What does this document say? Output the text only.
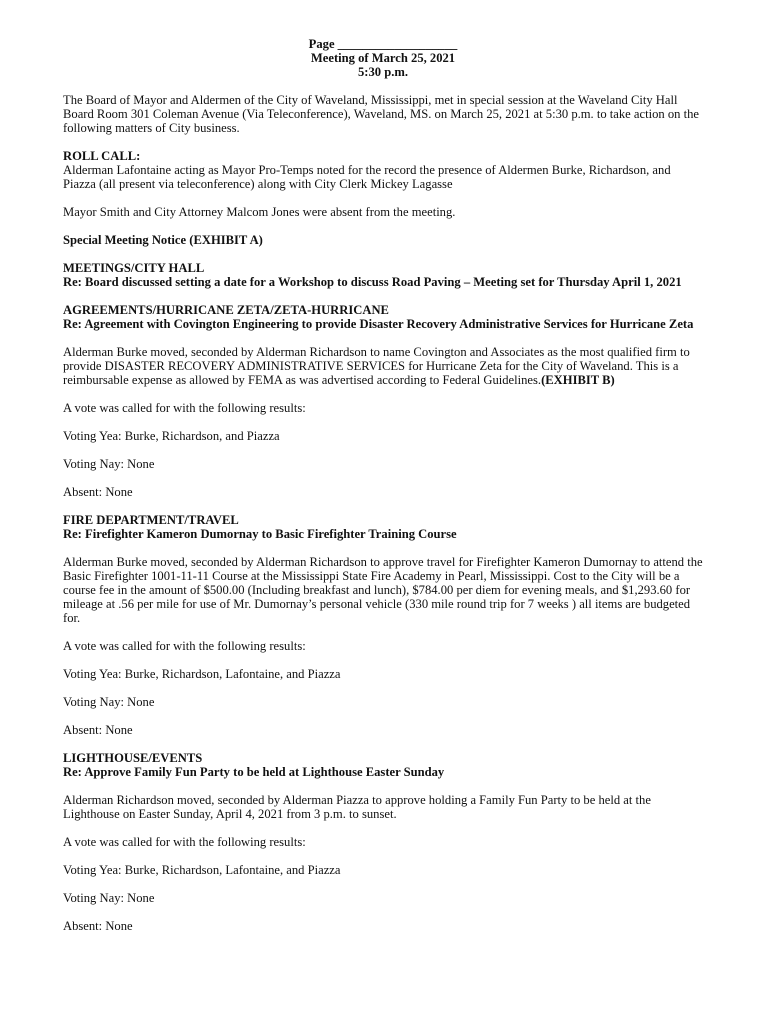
Page ___________________
Meeting of March 25, 2021
5:30 p.m.

The Board of Mayor and Aldermen of the City of Waveland, Mississippi, met in special session at the Waveland City Hall Board Room 301 Coleman Avenue (Via Teleconference), Waveland, MS. on March 25, 2021 at 5:30 p.m. to take action on the following matters of City business.

ROLL CALL:

Alderman Lafontaine acting as Mayor Pro-Temps noted for the record the presence of Aldermen Burke, Richardson, and Piazza (all present via teleconference) along with City Clerk Mickey Lagasse

Mayor Smith and City Attorney Malcom Jones were absent from the meeting.

Special Meeting Notice (EXHIBIT A)

MEETINGS/CITY HALL

Re: Board discussed setting a date for a Workshop to discuss Road Paving – Meeting set for Thursday April 1, 2021

AGREEMENTS/HURRICANE ZETA/ZETA-HURRICANE

Re: Agreement with Covington Engineering to provide Disaster Recovery Administrative Services for Hurricane Zeta

Alderman Burke moved, seconded by Alderman Richardson to name Covington and Associates as the most qualified firm to provide DISASTER RECOVERY ADMINISTRATIVE SERVICES for Hurricane Zeta for the City of Waveland. This is a reimbursable expense as allowed by FEMA as was advertised according to Federal Guidelines.(EXHIBIT B)

A vote was called for with the following results:

Voting Yea: Burke, Richardson, and Piazza

Voting Nay: None

Absent: None

FIRE DEPARTMENT/TRAVEL

Re: Firefighter Kameron Dumornay to Basic Firefighter Training Course

Alderman Burke moved, seconded by Alderman Richardson to approve travel for Firefighter Kameron Dumornay to attend the Basic Firefighter 1001-11-11 Course at the Mississippi State Fire Academy in Pearl, Mississippi. Cost to the City will be a course fee in the amount of $500.00 (Including breakfast and lunch), $784.00 per diem for evening meals, and $1,293.60 for mileage at .56 per mile for use of Mr. Dumornay’s personal vehicle (330 mile round trip for 7 weeks ) all items are budgeted for.

A vote was called for with the following results:

Voting Yea: Burke, Richardson, Lafontaine, and Piazza

Voting Nay: None

Absent: None

LIGHTHOUSE/EVENTS

Re: Approve Family Fun Party to be held at Lighthouse Easter Sunday

Alderman Richardson moved, seconded by Alderman Piazza to approve holding a Family Fun Party to be held at the Lighthouse on Easter Sunday, April 4, 2021 from 3 p.m. to sunset.

A vote was called for with the following results:

Voting Yea: Burke, Richardson, Lafontaine, and Piazza

Voting Nay: None

Absent: None
